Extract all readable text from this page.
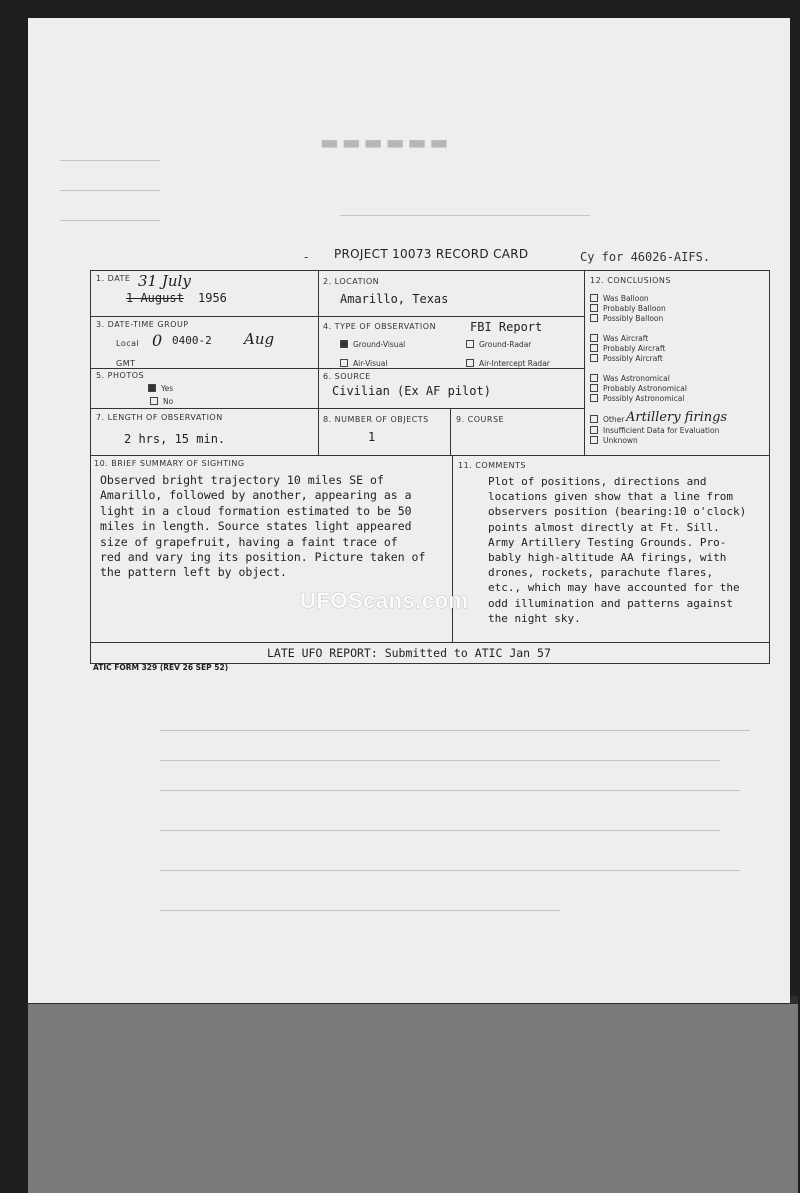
▬▬▬▬▬▬
- PROJECT 10073 RECORD CARD	Cy for 46026-AIFS.
1. DATE 31 July
1 August 1956
2. LOCATION
Amarillo, Texas
12. CONCLUSIONS
Was Balloon
Probably Balloon
Possibly Balloon
Was Aircraft
Probably Aircraft
Possibly Aircraft
Was Astronomical
Probably Astronomical
Possibly Astronomical
Other Artillery firings
Insufficient Data for Evaluation
Unknown
3. DATE-TIME GROUP
Local 0 0400-2 Aug
GMT
4. TYPE OF OBSERVATION	FBI Report
Ground-Visual	Ground-Radar
Air-Visual	Air-Intercept Radar
5. PHOTOS
Yes
No
6. SOURCE
Civilian (Ex AF pilot)
7. LENGTH OF OBSERVATION
2 hrs, 15 min.
8. NUMBER OF OBJECTS
1
9. COURSE
10. BRIEF SUMMARY OF SIGHTING
Observed bright trajectory 10 miles SE of
Amarillo, followed by another, appearing as a
light in a cloud formation estimated to be 50
miles in length. Source states light appeared
size of grapefruit, having a faint trace of
red and vary ing its position. Picture taken of
the pattern left by object.
11. COMMENTS
Plot of positions, directions and
locations given show that a line from
observers position (bearing:10 o'clock)
points almost directly at Ft. Sill.
Army Artillery Testing Grounds. Pro-
bably high-altitude AA firings, with
drones, rockets, parachute flares,
etc., which may have accounted for the
odd illumination and patterns against
the night sky.
UFOScans.com
LATE UFO REPORT: Submitted to ATIC Jan 57
ATIC FORM 329 (REV 26 SEP 52)
